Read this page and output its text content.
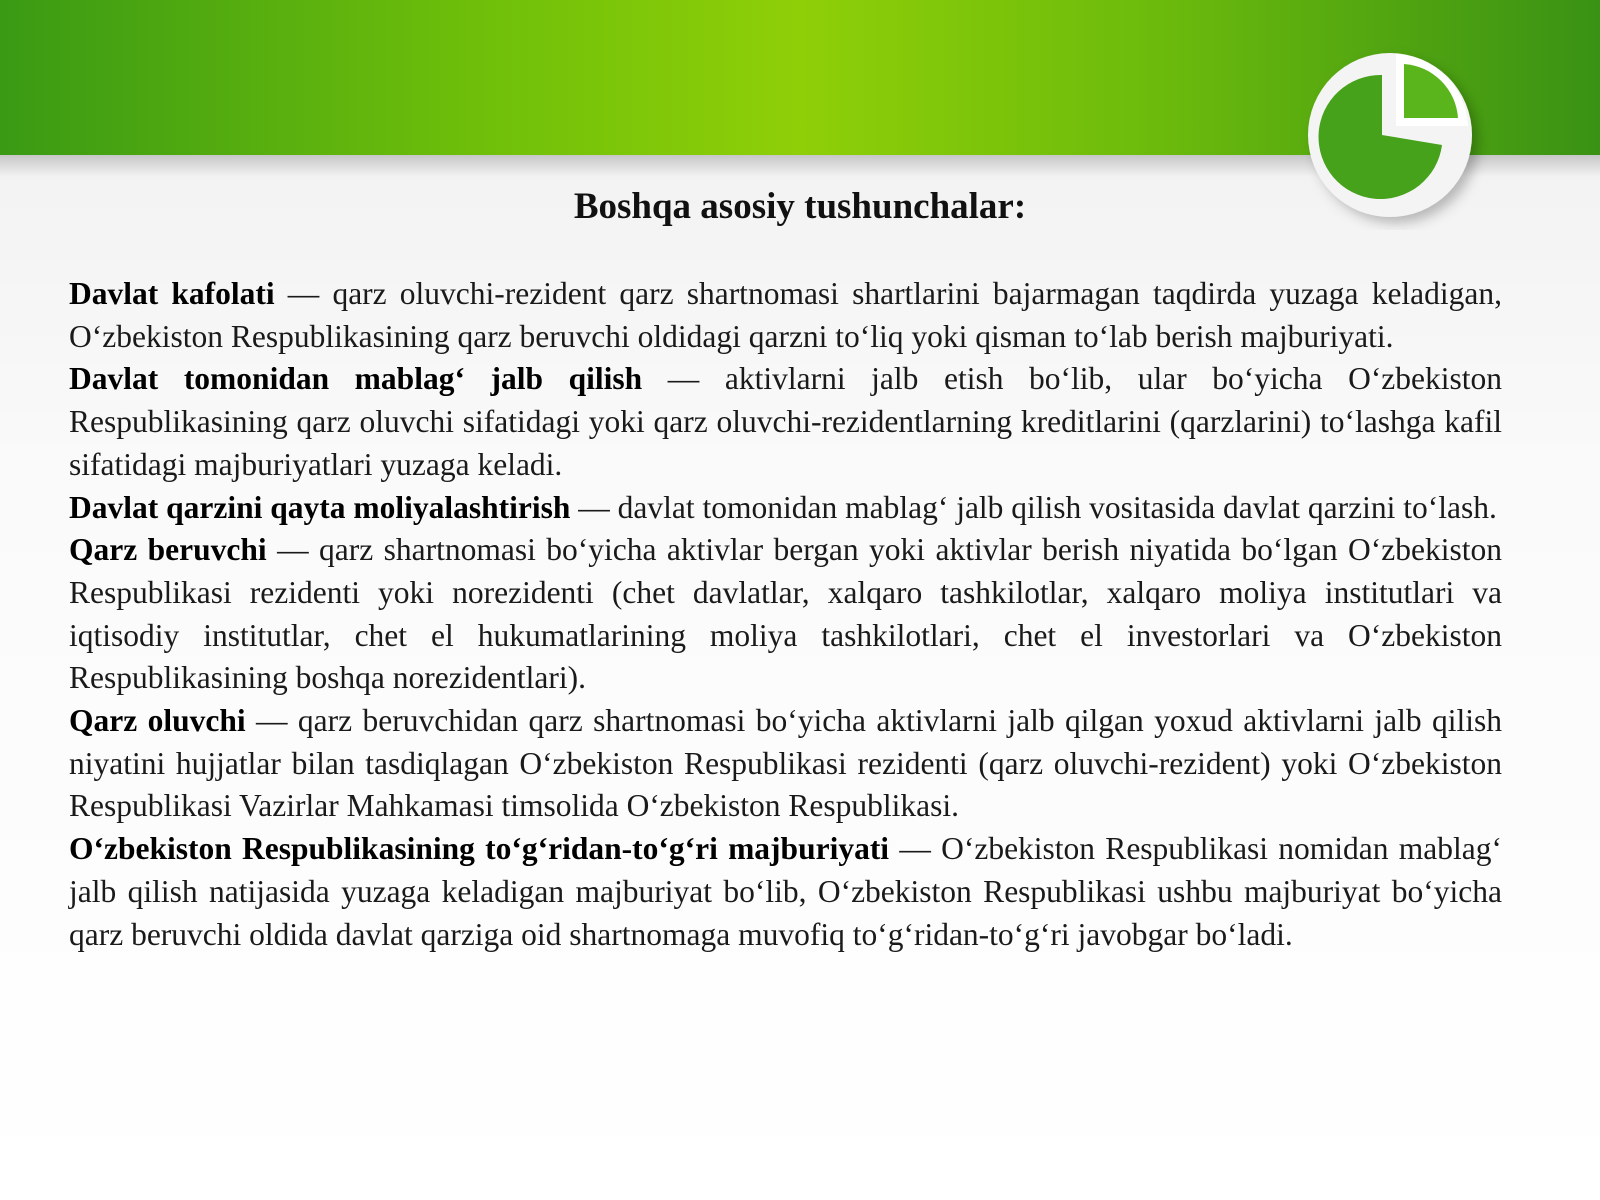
Boshqa asosiy tushunchalar:

Davlat kafolati — qarz oluvchi-rezident qarz shartnomasi shartlarini bajarmagan taqdirda yuzaga keladigan, O‘zbekiston Respublikasining qarz beruvchi oldidagi qarzni to‘liq yoki qisman to‘lab berish majburiyati.

Davlat tomonidan mablag‘ jalb qilish — aktivlarni jalb etish bo‘lib, ular bo‘yicha O‘zbekiston Respublikasining qarz oluvchi sifatidagi yoki qarz oluvchi-rezidentlarning kreditlarini (qarzlarini) to‘lashga kafil sifatidagi majburiyatlari yuzaga keladi.

Davlat qarzini qayta moliyalashtirish — davlat tomonidan mablag‘ jalb qilish vositasida davlat qarzini to‘lash.

Qarz beruvchi — qarz shartnomasi bo‘yicha aktivlar bergan yoki aktivlar berish niyatida bo‘lgan O‘zbekiston Respublikasi rezidenti yoki norezidenti (chet davlatlar, xalqaro tashkilotlar, xalqaro moliya institutlari va iqtisodiy institutlar, chet el hukumatlarining moliya tashkilotlari, chet el investorlari va O‘zbekiston Respublikasining boshqa norezidentlari).

Qarz oluvchi — qarz beruvchidan qarz shartnomasi bo‘yicha aktivlarni jalb qilgan yoxud aktivlarni jalb qilish niyatini hujjatlar bilan tasdiqlagan O‘zbekiston Respublikasi rezidenti (qarz oluvchi-rezident) yoki O‘zbekiston Respublikasi Vazirlar Mahkamasi timsolida O‘zbekiston Respublikasi.

O‘zbekiston Respublikasining to‘g‘ridan-to‘g‘ri majburiyati — O‘zbekiston Respublikasi nomidan mablag‘ jalb qilish natijasida yuzaga keladigan majburiyat bo‘lib, O‘zbekiston Respublikasi ushbu majburiyat bo‘yicha qarz beruvchi oldida davlat qarziga oid shartnomaga muvofiq to‘g‘ridan-to‘g‘ri javobgar bo‘ladi.
